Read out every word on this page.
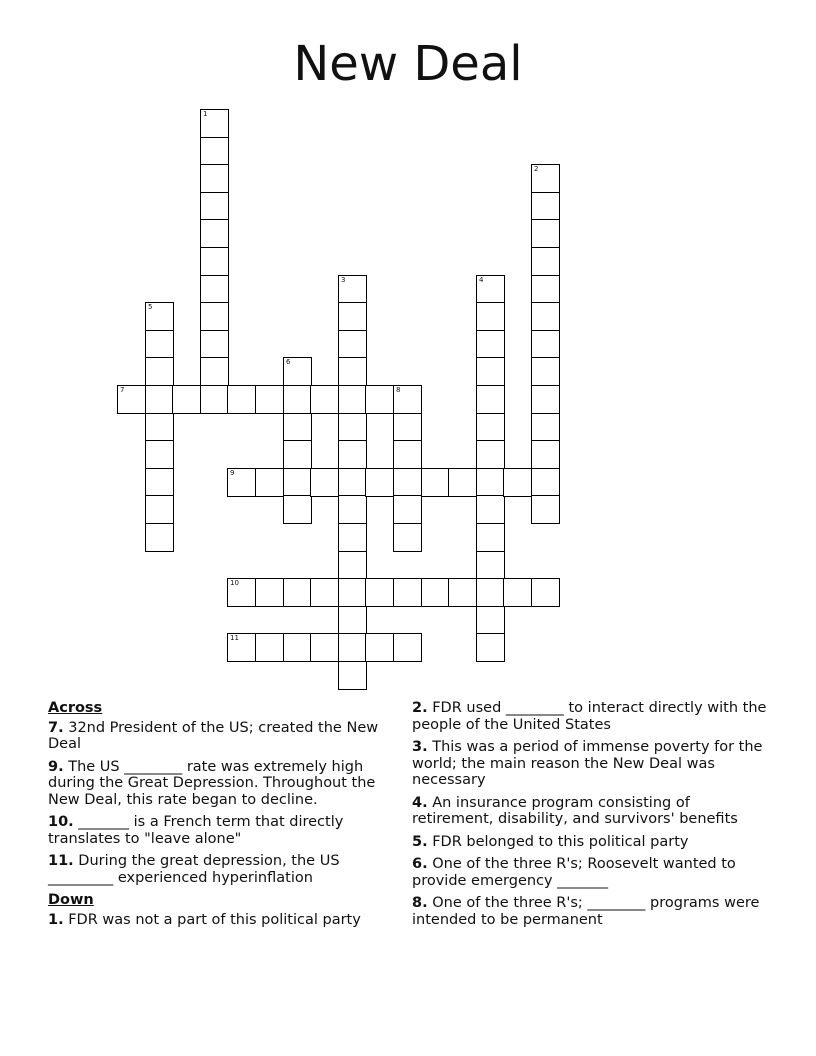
New Deal
1
2
3	4
5
6
7	8
9
10
11
Across
7. 32nd President of the US; created the New Deal
9. The US ________ rate was extremely high during the Great Depression. Throughout the New Deal, this rate began to decline.
10. _______ is a French term that directly translates to "leave alone"
11. During the great depression, the US _________ experienced hyperinflation
Down
1. FDR was not a part of this political party
2. FDR used ________ to interact directly with the people of the United States
3. This was a period of immense poverty for the world; the main reason the New Deal was necessary
4. An insurance program consisting of retirement, disability, and survivors' benefits
5. FDR belonged to this political party
6. One of the three R's; Roosevelt wanted to provide emergency _______
8. One of the three R's; ________ programs were intended to be permanent
